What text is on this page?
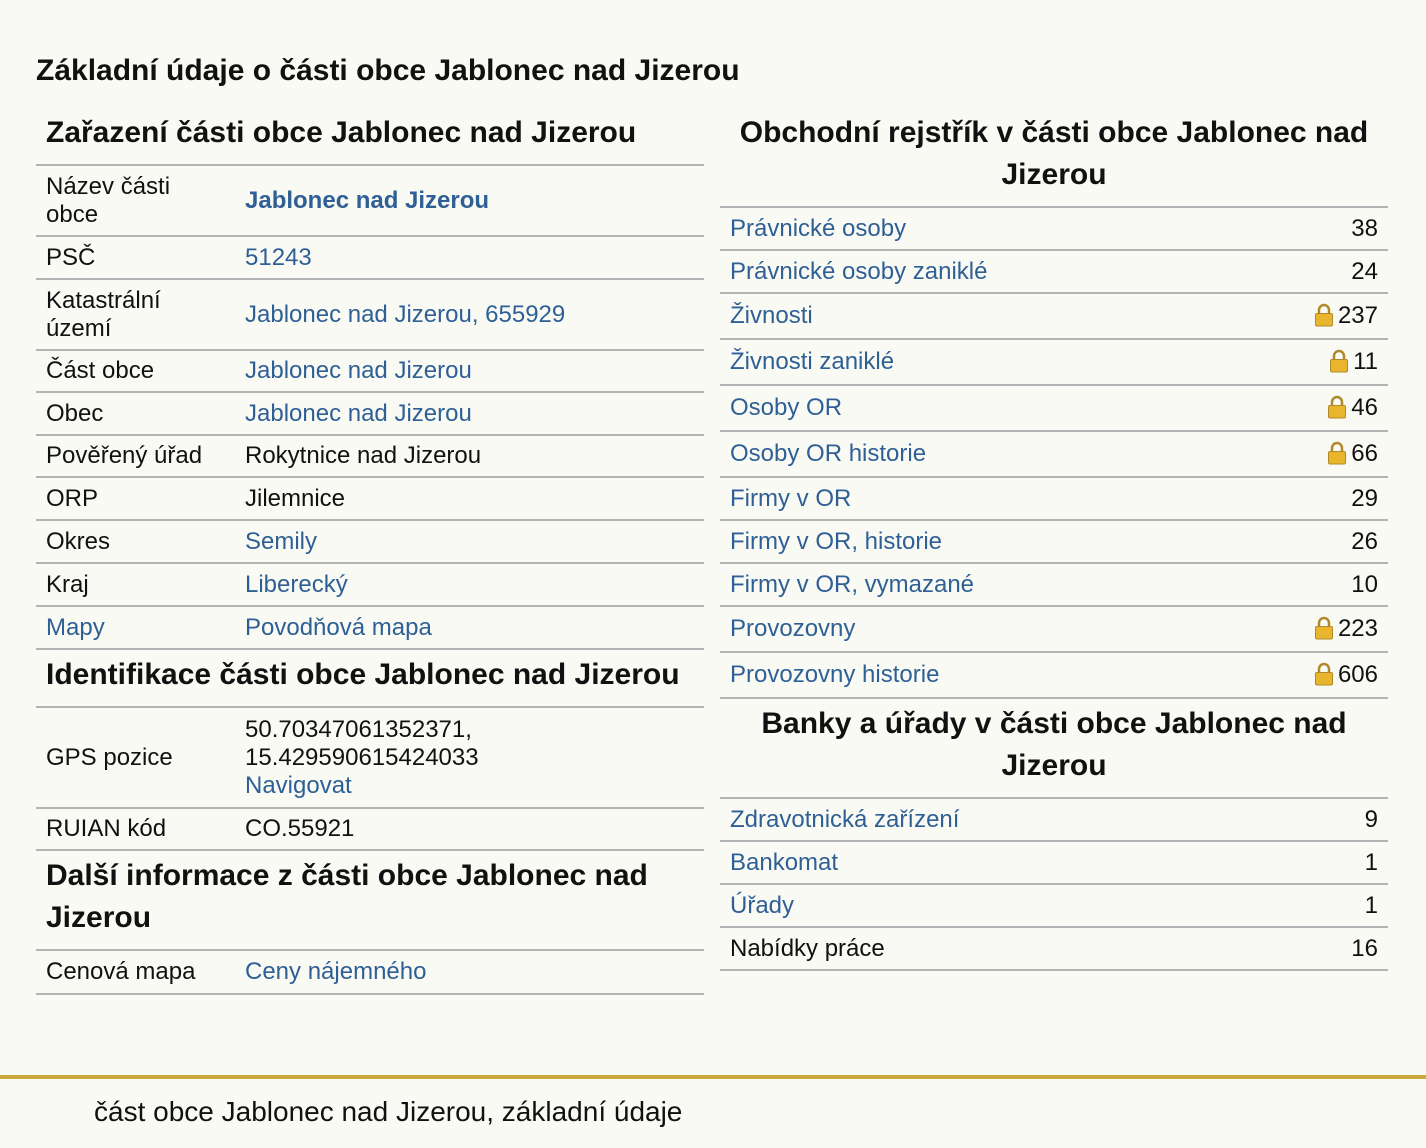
Základní údaje o části obce Jablonec nad Jizerou
Zařazení části obce Jablonec nad Jizerou
Název části obce	Jablonec nad Jizerou
PSČ	51243
Katastrální území	Jablonec nad Jizerou, 655929
Část obce	Jablonec nad Jizerou
Obec	Jablonec nad Jizerou
Pověřený úřad	Rokytnice nad Jizerou
ORP	Jilemnice
Okres	Semily
Kraj	Liberecký
Mapy	Povodňová mapa
Identifikace části obce Jablonec nad Jizerou
GPS pozice	50.70347061352371,
15.429590615424033
Navigovat
RUIAN kód	CO.55921
Další informace z části obce Jablonec nad Jizerou
Cenová mapa	Ceny nájemného
Obchodní rejstřík v části obce Jablonec nad Jizerou
Právnické osoby	38
Právnické osoby zaniklé	24
Živnosti	237
Živnosti zaniklé	11
Osoby OR	46
Osoby OR historie	66
Firmy v OR	29
Firmy v OR, historie	26
Firmy v OR, vymazané	10
Provozovny	223
Provozovny historie	606
Banky a úřady v části obce Jablonec nad Jizerou
Zdravotnická zařízení	9
Bankomat	1
Úřady	1
Nabídky práce	16
část obce Jablonec nad Jizerou, základní údaje
